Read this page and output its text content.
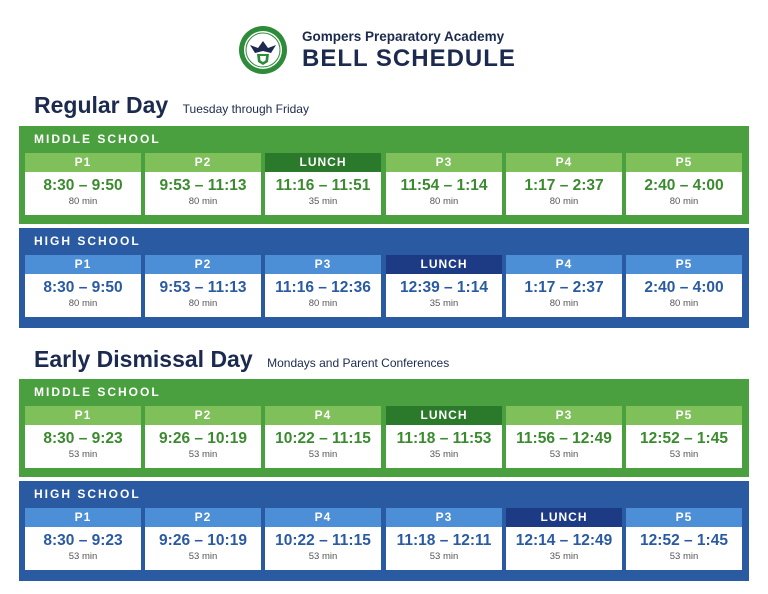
Gompers Preparatory Academy
BELL SCHEDULE
Regular Day Tuesday through Friday
MIDDLE SCHOOL
P1
8:30 – 9:50
80 min
P2
9:53 – 11:13
80 min
LUNCH
11:16 – 11:51
35 min
P3
11:54 – 1:14
80 min
P4
1:17 – 2:37
80 min
P5
2:40 – 4:00
80 min
HIGH SCHOOL
P1
8:30 – 9:50
80 min
P2
9:53 – 11:13
80 min
P3
11:16 – 12:36
80 min
LUNCH
12:39 – 1:14
35 min
P4
1:17 – 2:37
80 min
P5
2:40 – 4:00
80 min
Early Dismissal Day Mondays and Parent Conferences
MIDDLE SCHOOL
P1
8:30 – 9:23
53 min
P2
9:26 – 10:19
53 min
P4
10:22 – 11:15
53 min
LUNCH
11:18 – 11:53
35 min
P3
11:56 – 12:49
53 min
P5
12:52 – 1:45
53 min
HIGH SCHOOL
P1
8:30 – 9:23
53 min
P2
9:26 – 10:19
53 min
P4
10:22 – 11:15
53 min
P3
11:18 – 12:11
53 min
LUNCH
12:14 – 12:49
35 min
P5
12:52 – 1:45
53 min
